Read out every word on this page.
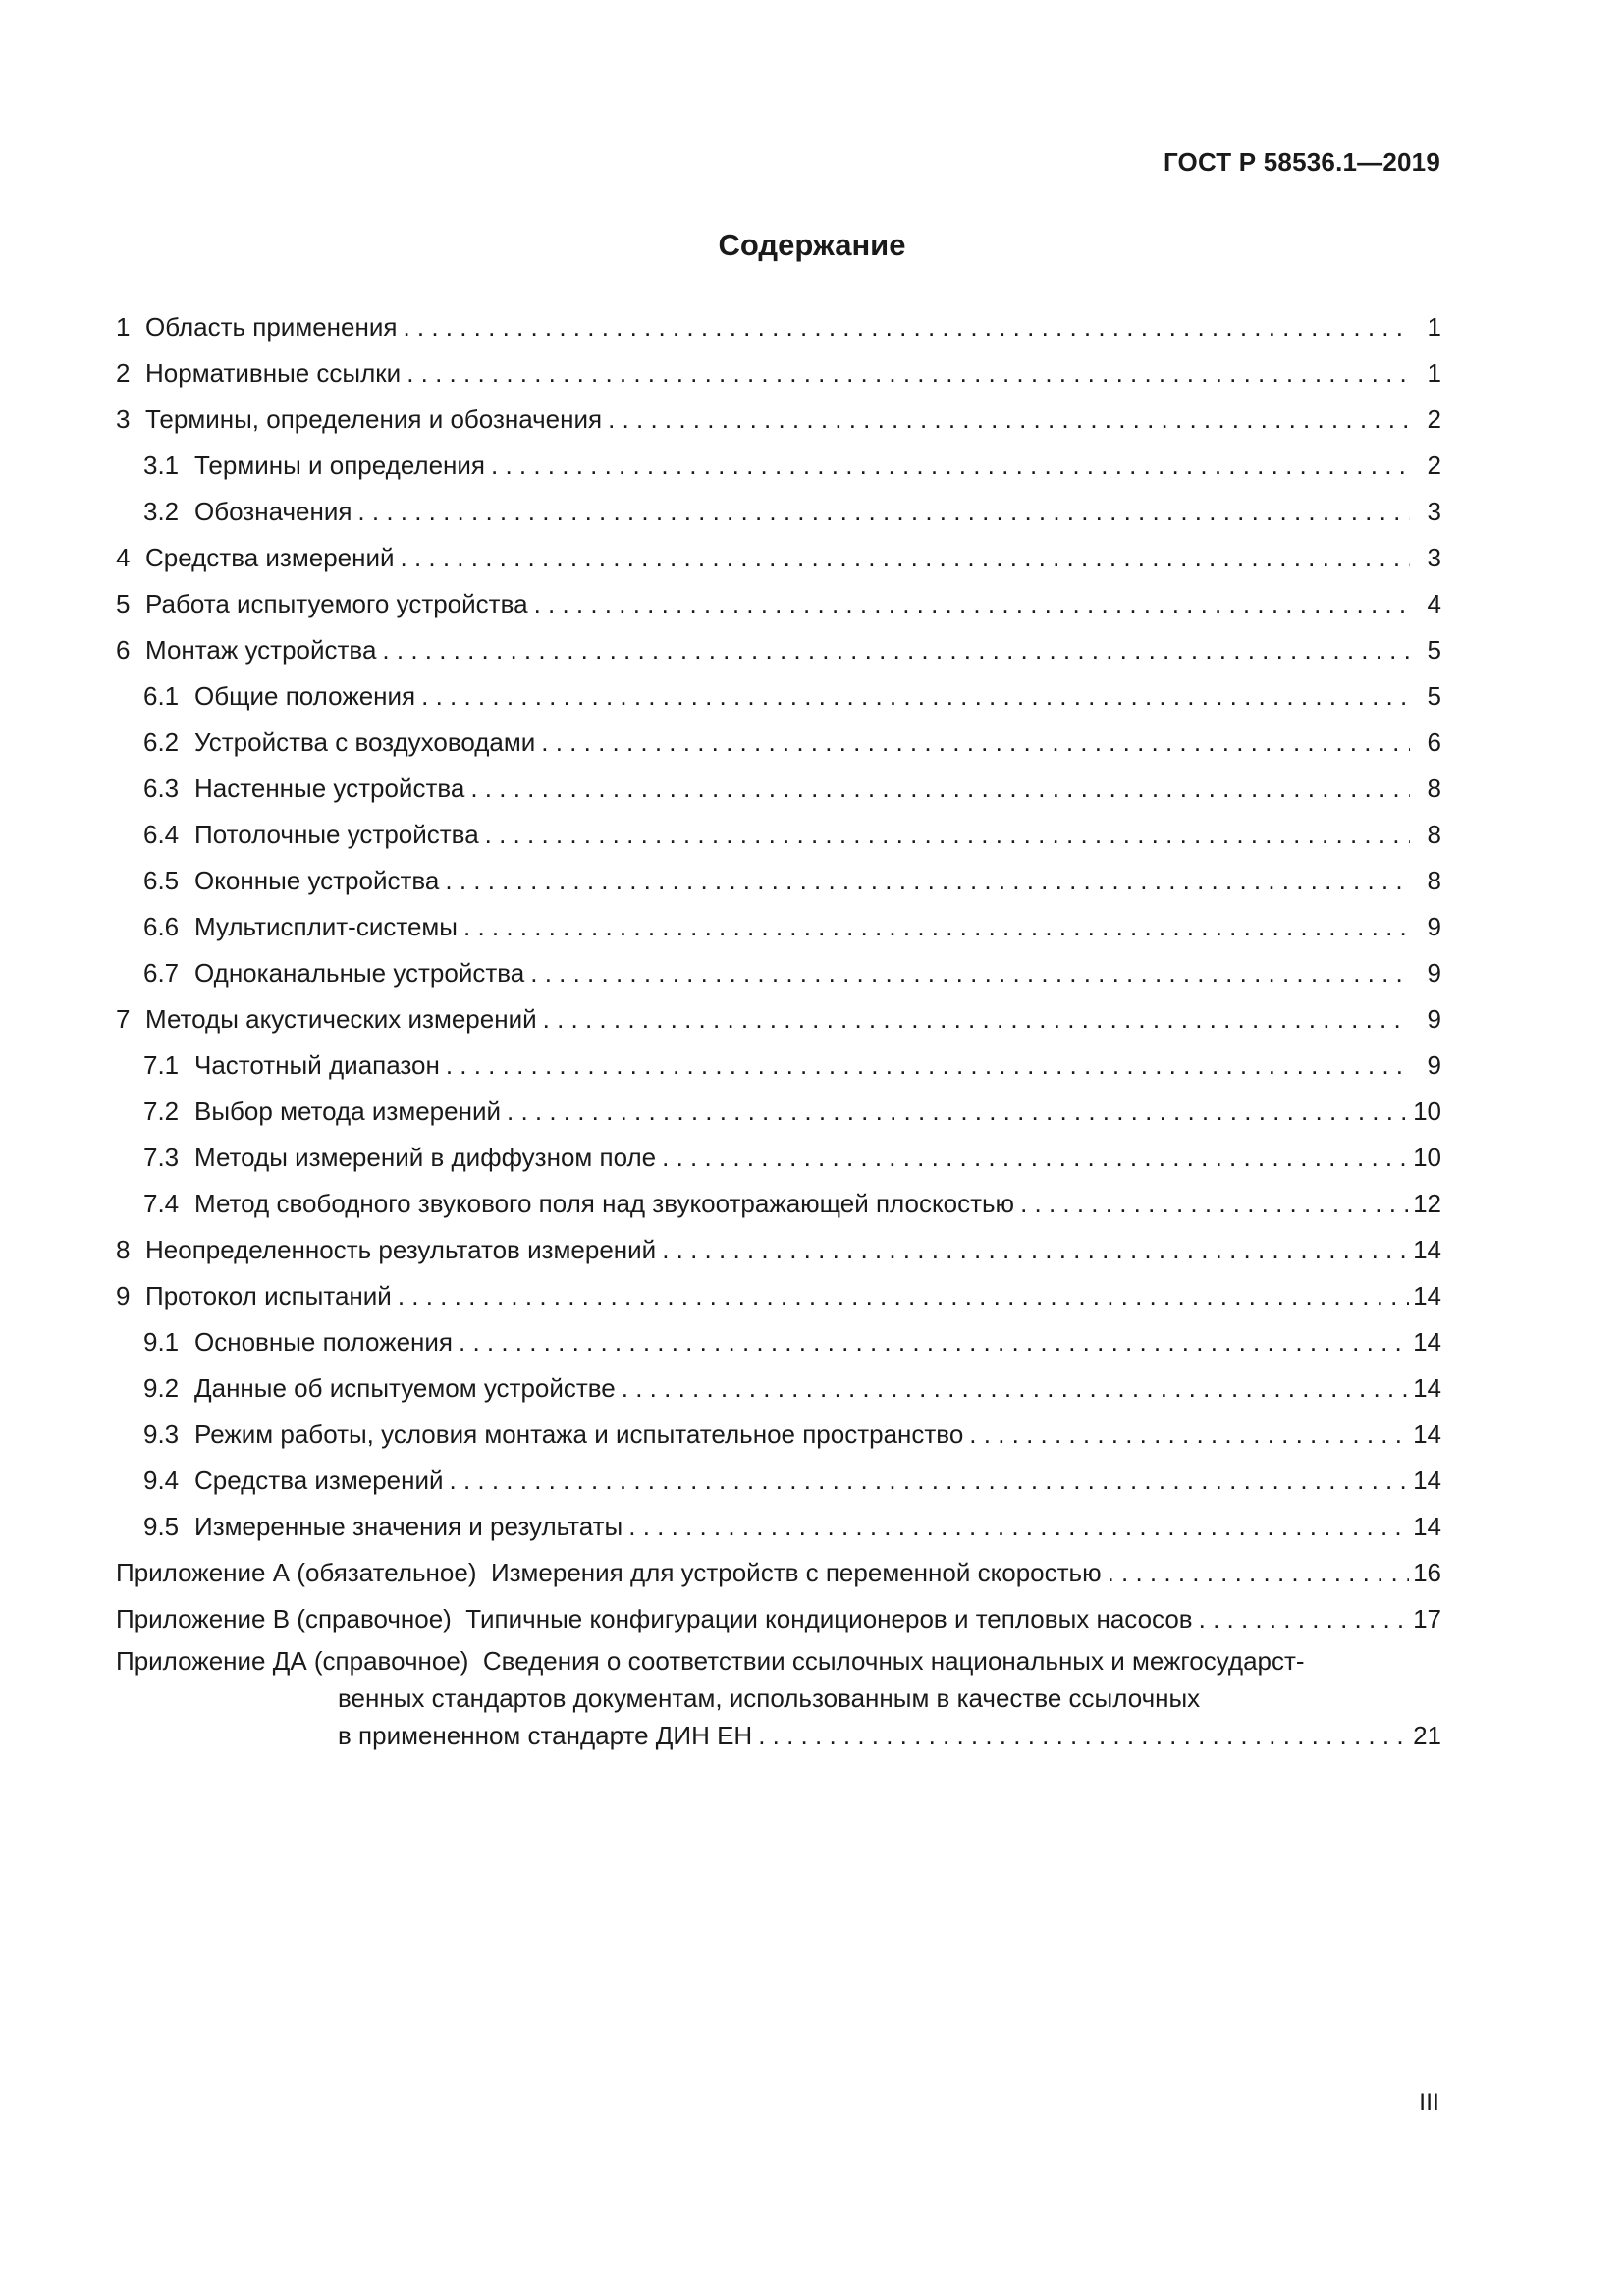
ГОСТ Р 58536.1—2019
Содержание
1 Область применения . . .	1
2 Нормативные ссылки . . .	1
3 Термины, определения и обозначения . . .	2
3.1 Термины и определения . . .	2
3.2 Обозначения . . .	3
4 Средства измерений . . .	3
5 Работа испытуемого устройства . . .	4
6 Монтаж устройства . . .	5
6.1 Общие положения . . .	5
6.2 Устройства с воздуховодами . . .	6
6.3 Настенные устройства . . .	8
6.4 Потолочные устройства . . .	8
6.5 Оконные устройства . . .	8
6.6 Мультисплит-системы . . .	9
6.7 Одноканальные устройства . . .	9
7 Методы акустических измерений . . .	9
7.1 Частотный диапазон . . .	9
7.2 Выбор метода измерений . . .	10
7.3 Методы измерений в диффузном поле . . .	10
7.4 Метод свободного звукового поля над звукоотражающей плоскостью . . .	12
8 Неопределенность результатов измерений . . .	14
9 Протокол испытаний . . .	14
9.1 Основные положения . . .	14
9.2 Данные об испытуемом устройстве . . .	14
9.3 Режим работы, условия монтажа и испытательное пространство . . .	14
9.4 Средства измерений . . .	14
9.5 Измеренные значения и результаты . . .	14
Приложение А (обязательное)
Измерения для устройств с переменной скоростью . . .	16
Приложение В (справочное)
Типичные конфигурации кондиционеров и тепловых насосов . . .	17
Приложение ДА (справочное) Сведения о соответствии ссылочных национальных и межгосударст-
венных стандартов документам, использованным в качестве ссылочных
в примененном стандарте ДИН ЕН . . .	21
III
